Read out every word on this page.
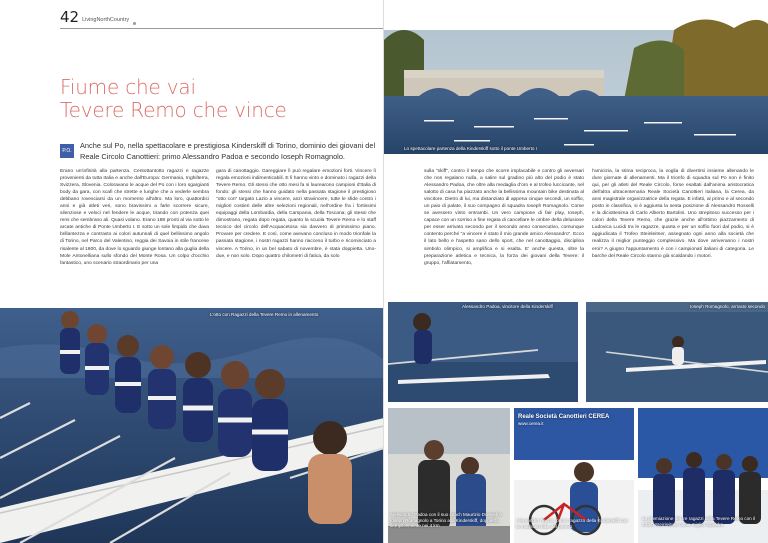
42 LivingNorthCountry
Fiume che vai
Tevere Remo che vince
P.O.

Anche sul Po, nella spettacolare e prestigiosa Kinderskiff di Torino, dominio dei giovani del Reale Circolo Canottieri: primo Alessandro Padoa e secondo Ioseph Romagnolo.

Erano un'infinità alla partenza. Centottantotto ragazzi e ragazze provenienti da tutta Italia e anche dall'Europa: Germania, Inghilterra, Svizzera, Slovenia. Coloravano le acque del Po con i loro sgargianti body da gara, con scafi che strette e lunghe che a vederle sembra debbano rovesciarsi da un momento all'altro. Ma loro, quattordici anni e già atleti veri, sono bravissimi a farle scorrere sicure, silenziose e veloci nel fendere le acque, tirando con potenza quei remi che sembrano ali. Quasi volano. Erano 188 pronti al via sotto le arcate antiche di Ponte Umberto I. E sotto un sole limpido che dava brillantezza e contrasto ai colori autunnali di quel bellissimo angolo di Torino, nel Parco del Valentino, reggia dei Savoia in stile francese risalente al 1600, da dove lo sguardo giunge lontano alla guglia della Mole Antonelliana sullo sfondo del Monte Rosa. Un colpo d'occhio fantastico, uno scenario straordinario per una

gara di canottaggio. Gareggiare lì può regalare emozioni forti. Vincere lì regala emozioni indimenticabili. E lì hanno vinto e dominato i ragazzi della Tevere Remo. Gli stessi che otto mesi fa si laurearono campioni d'Italia di fondo: gli stessi che hanno guidato nella passata stagione il prestigioso "otto con" targato Lazio a vincere, anzi stravincere, tutte le sfide contro i migliori costieri delle altre selezioni regionali, nell'ordine fra i fortissimi equipaggi della Lombardia, della Campania, della Toscana; gli stessi che dimostrano, regata dopo regata, quanto la scuola Tevere Remo e lo staff tecnico del circolo dell'Acquacetosa sia davvero di primissimo piano. Provare per credere. E così, come avevano concluso in modo trionfale la passata stagione, i nostri ragazzi hanno riacceso il turbo e ricominciato a vincere. A Torino, in un bel sabato di novembre, è stata doppietta. Uno-due, e non solo. Dopo quattro chilometri di fatica, da solo

L'otto con Ragazzi della Tevere Remo in allenamento
Lo spettacolare partenza della Kinderskiff sotto il ponte Umberto I

sulla "skiff", contro il tempo che scorre implacabile e contro gli avversari che non regalano nulla, a salire sul gradino più alto del podio è stato Alessandro Padoa, che oltre alla medaglia d'oro e al trofeo luccicante, nel salotto di casa ha piazzato anche la bellissima mountain bike destinata al vincitore. Dietro di lui, ma distanziato di appena cinque secondi, un soffio, un paio di palate, il suo compagno di squadra Ioseph Romagnolo. Come se avessero vinto entrambi. Un vero campione di fair play, Ioseph, capace con un sorriso a fine regata di cancellare le ombre della delusione per esser arrivato secondo per il secondo anno consecutivo, comunque contento perché "a vincere è stato il mio grande amico Alessandro". Ecco il lato bello e l'aspetto sano dello sport, che nel canottaggio, disciplina simbolo olimpico, si amplifica e si esalta. E' anche questa, oltre la preparazione atletica e tecnica, la forza dei giovani della Tevere: il gruppo, l'affiatamento,

l'amicizia, la stima reciproca, la voglia di divertirsi insieme allenando le dure giornate di allenamenti. Ma il trionfo di squadra sul Po non è finito qui, per gli atleti del Reale Circolo, forse esaltati dall'anima aristocratica dell'altra ultracentenaria Reale Società Canottieri italiana, la Cerea, da anni magistrale organizzatrice della regata. E infatti, al primo e al secondo posto in classifica, si è aggiunta la sesta posizione di Alessandro Rosselli e la diciottesima di Carlo Alberto Bartolini. Uno strepitoso successo per i colori della Tevere Remo, che grazie anche all'ottimo piazzamento di Ludovica Lucidi tra le ragazze, quarta e per un soffio fuori dal podio, si è aggiudicata il Trofeo Steinleitner, assegnato ogni anno alla società che realizza il miglior punteggio complessivo. Ma dove arriveranno i nostri eroi? A giugno l'appuntamento è con i campionati italiani di categoria. Le barche del Reale Circolo stanno già scaldando i motori.

Alessandro Padoa, vincitore della Kinderskiff	Ioseph Romagnolo, arrivato secondo
Alessandro Padoa con il suo coach Maurizio Doniseli e Ioseph Romagnolo a Torino alla Kinderskiff, doppietta semplicemente nei 4 km
Reale Società Canottieri CEREA
www.cerea.it
Alessandro Padoa, primo ragazzo della Kinderskiff con la mountain bike del premio
La premiazione dei tre ragazzi della Tevere Remo con il trofeo Steinleitner come miglior squadra
